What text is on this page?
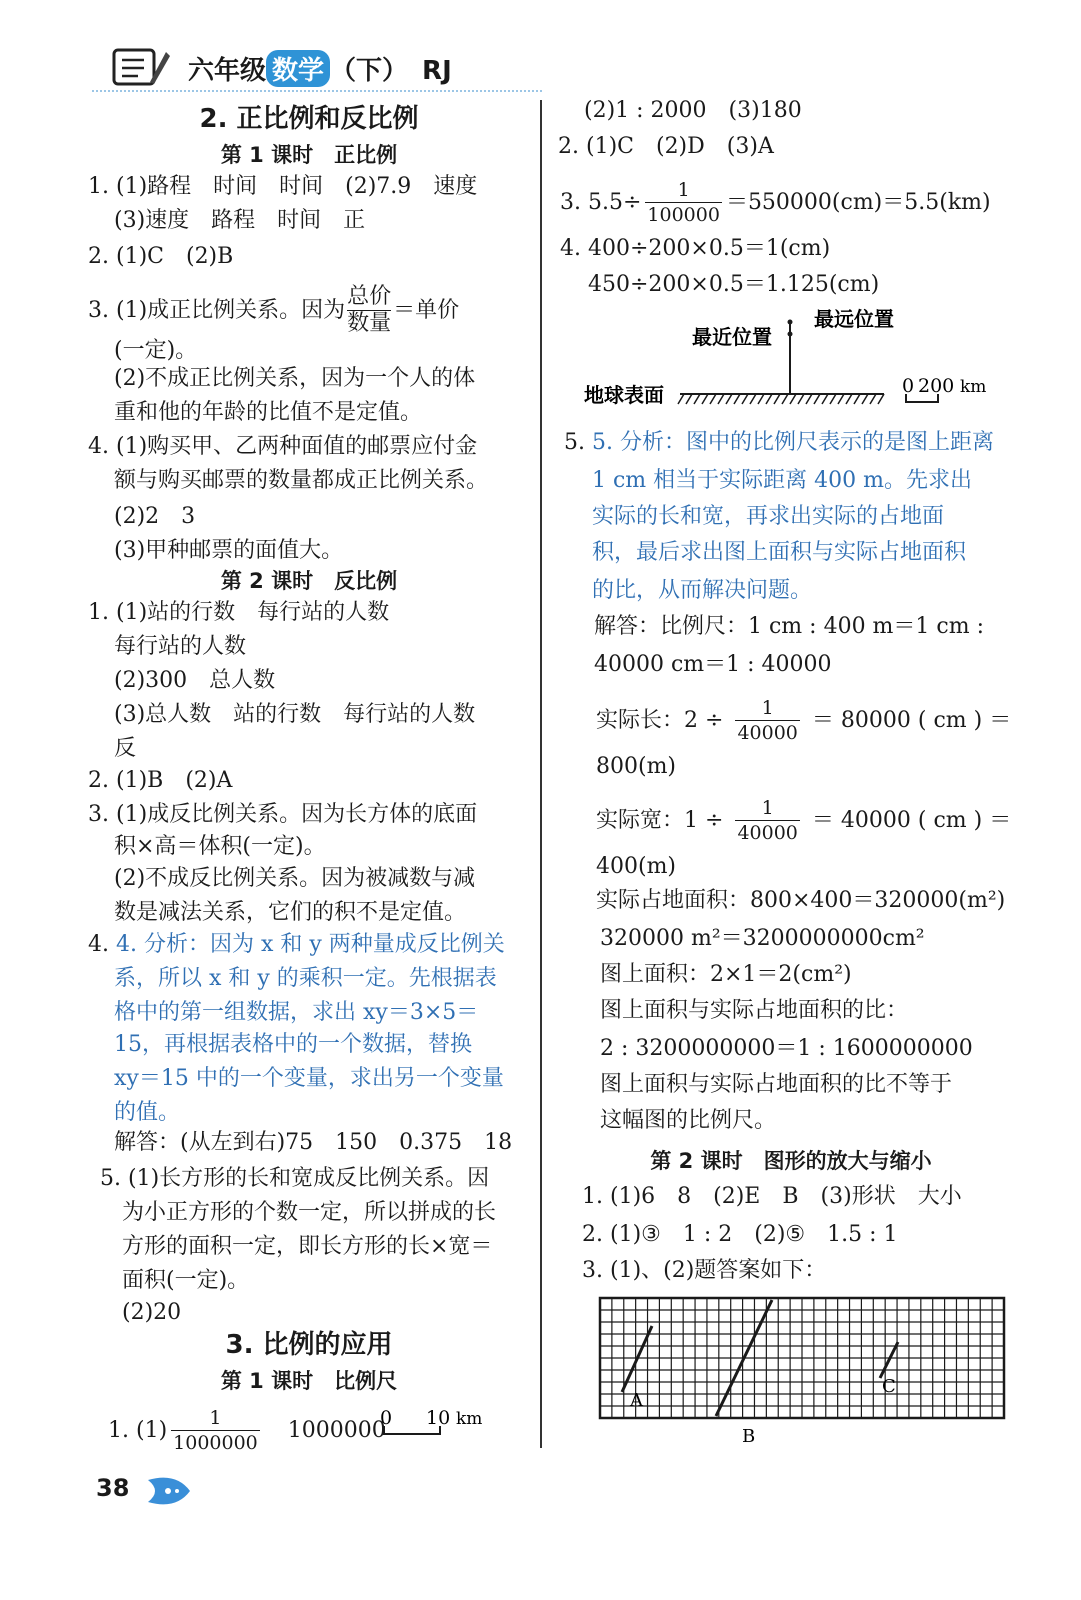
六年级 数学 （下） RJ
2. 正比例和反比例
第 1 课时　正比例
1. (1)路程　时间　时间　(2)7.9　速度
(3)速度　路程　时间　正
2. (1)C　(2)B
3. (1)成正比例关系。因为
总价
数量
＝单价
(一定)。
(2)不成正比例关系，因为一个人的体
重和他的年龄的比值不是定值。
4. (1)购买甲、乙两种面值的邮票应付金
额与购买邮票的数量都成正比例关系。
(2)2　3
(3)甲种邮票的面值大。
第 2 课时　反比例
1. (1)站的行数　每行站的人数
每行站的人数
(2)300　总人数
(3)总人数　站的行数　每行站的人数
反
2. (1)B　(2)A
3. (1)成反比例关系。因为长方体的底面
积×高＝体积(一定)。
(2)不成反比例关系。因为被减数与减
数是减法关系，它们的积不是定值。
4. 4. 分析：因为 x 和 y 两种量成反比例关
系，所以 x 和 y 的乘积一定。先根据表
格中的第一组数据，求出 xy＝3×5＝
15，再根据表格中的一个数据，替换
xy＝15 中的一个变量，求出另一个变量
的值。
解答：(从左到右)75　150　0.375　18
5. (1)长方形的长和宽成反比例关系。因
为小正方形的个数一定，所以拼成的长
方形的面积一定，即长方形的长×宽＝
面积(一定)。
(2)20
3. 比例的应用
第 1 课时　比例尺
1. $(1) \frac{1}{1000000} 1000000$
0 10 km
(2)1 : 2000　(3)180
2. (1)C　(2)D　(3)A
3. $5.5\div \frac{1}{100000} =550000(cm)=5.5(km)$
4. 400÷200×0.5＝1(cm)
450÷200×0.5＝1.125(cm)
最近位置
最远位置
地球表面	0 200 km
5. 5. 分析：图中的比例尺表示的是图上距离
1 cm 相当于实际距离 400 m。先求出
实际的长和宽，再求出实际的占地面
积，最后求出图上面积与实际占地面积
的比，从而解决问题。
解答：比例尺：1 cm : 400 m＝1 cm :
40000 cm＝1 : 40000
实际长：$2 \div \frac{1}{40000} = 80000$ ( cm ) ＝
800(m)
实际宽：$1 \div \frac{1}{40000} = 40000$ ( cm ) ＝
400(m)
实际占地面积：800×400＝320000(m²)
320000 m²＝3200000000cm²
图上面积：2×1＝2(cm²)
图上面积与实际占地面积的比：
2 : 3200000000＝1 : 1600000000
图上面积与实际占地面积的比不等于
这幅图的比例尺。
第 2 课时　图形的放大与缩小
1. (1)6　8　(2)E　B　(3)形状　大小
2. (1)③　1 : 2　(2)⑤　1.5 : 1
3. (1)、(2)题答案如下：
A
B
C
38
